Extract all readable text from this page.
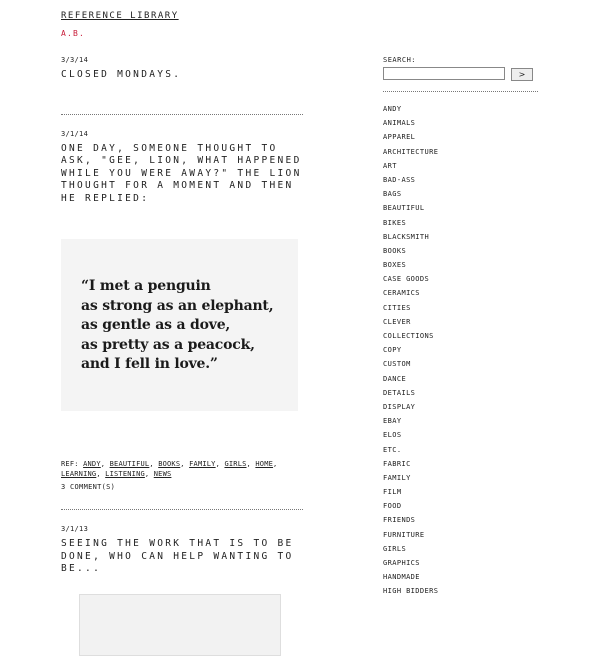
REFERENCE LIBRARY
A.B.
3/3/14
CLOSED MONDAYS.
3/1/14
ONE DAY, SOMEONE THOUGHT TO ASK, "GEE, LION, WHAT HAPPENED WHILE YOU WERE AWAY?" THE LION THOUGHT FOR A MOMENT AND THEN HE REPLIED:
“I met a penguin
as strong as an elephant,
as gentle as a dove,
as pretty as a peacock,
and I fell in love.”
REF: ANDY, BEAUTIFUL, BOOKS, FAMILY, GIRLS, HOME, LEARNING, LISTENING, NEWS
3 COMMENT(S)
3/1/13
SEEING THE WORK THAT IS TO BE DONE, WHO CAN HELP WANTING TO BE...
SEARCH:
>
ANDY
ANIMALS
APPAREL
ARCHITECTURE
ART
BAD-ASS
BAGS
BEAUTIFUL
BIKES
BLACKSMITH
BOOKS
BOXES
CASE GOODS
CERAMICS
CITIES
CLEVER
COLLECTIONS
COPY
CUSTOM
DANCE
DETAILS
DISPLAY
EBAY
ELOS
ETC.
FABRIC
FAMILY
FILM
FOOD
FRIENDS
FURNITURE
GIRLS
GRAPHICS
HANDMADE
HIGH BIDDERS
